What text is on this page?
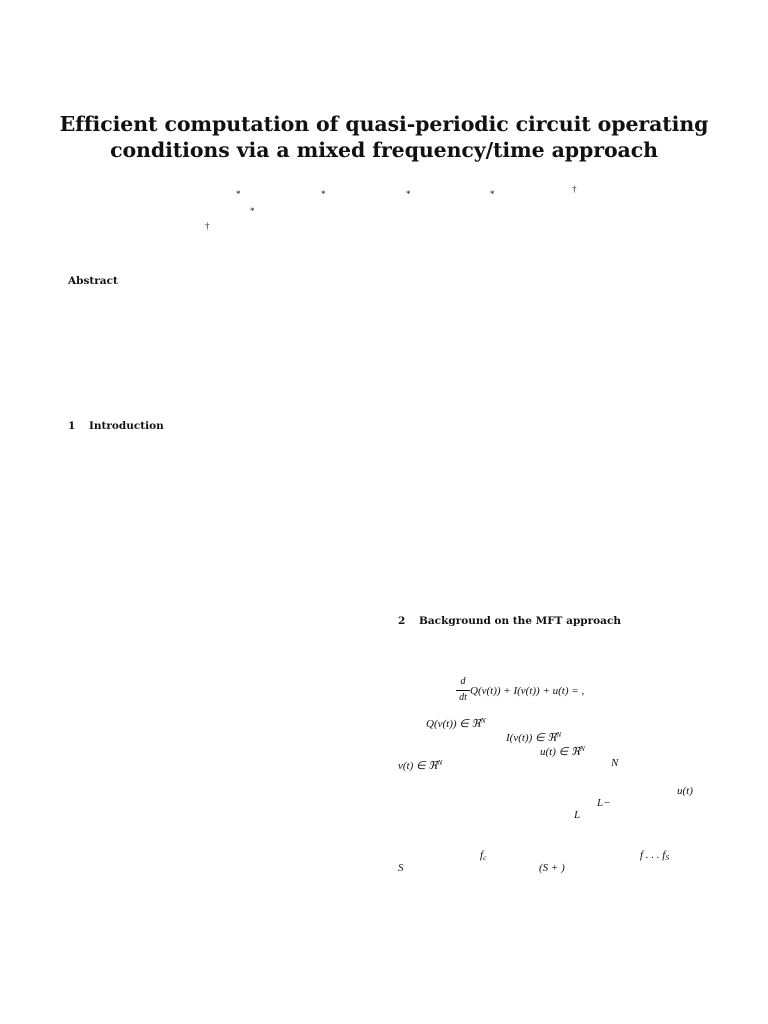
Efficient computation of quasi-periodic circuit operating
conditions via a mixed frequency/time approach
*	*	*	*	†
*
†
Abstract
1 Introduction
2 Background on the MFT approach
d
dt
Q(v(t)) + I(v(t)) + u(t) = ,
Q(v(t)) ∈ ℜ$^N$
I(v(t)) ∈ ℜ$^N$
u(t) ∈ ℜ$^N$
v(t) ∈ ℜ$^N$	N
u(t)
L−
L
$f_c$	f . . . $f_S$
S	(S + )
